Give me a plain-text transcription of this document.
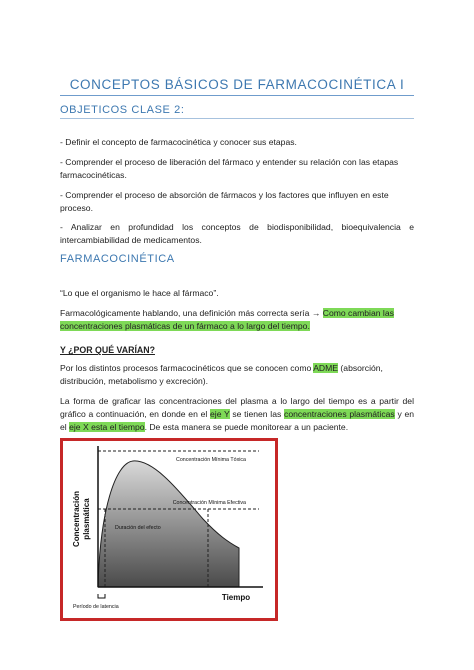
CONCEPTOS BÁSICOS DE FARMACOCINÉTICA I
OBJETICOS CLASE 2:
- Definir el concepto de farmacocinética y conocer sus etapas.
- Comprender el proceso de liberación del fármaco y entender su relación con las etapas farmacocinéticas.
- Comprender el proceso de absorción de fármacos y los factores que influyen en este proceso.
- Analizar en profundidad los conceptos de biodisponibilidad, bioequivalencia e intercambiabilidad de medicamentos.
FARMACOCINÉTICA
“Lo que el organismo le hace al fármaco”.
Farmacológicamente hablando, una definición más correcta sería → Como cambian las concentraciones plasmáticas de un fármaco a lo largo del tiempo.
Y ¿POR QUÉ VARÍAN?
Por los distintos procesos farmacocinéticos que se conocen como ADME (absorción, distribución, metabolismo y excreción).
La forma de graficar las concentraciones del plasma a lo largo del tiempo es a partir del gráfico a continuación, en donde en el eje Y se tienen las concentraciones plasmáticas y en el eje X esta el tiempo. De esta manera se puede monitorear a un paciente.
Concentración Mínima Tóxica
Concentración Mínima Efectiva
Duración del efecto
Concentración plasmática
Tiempo
Período de latencia
